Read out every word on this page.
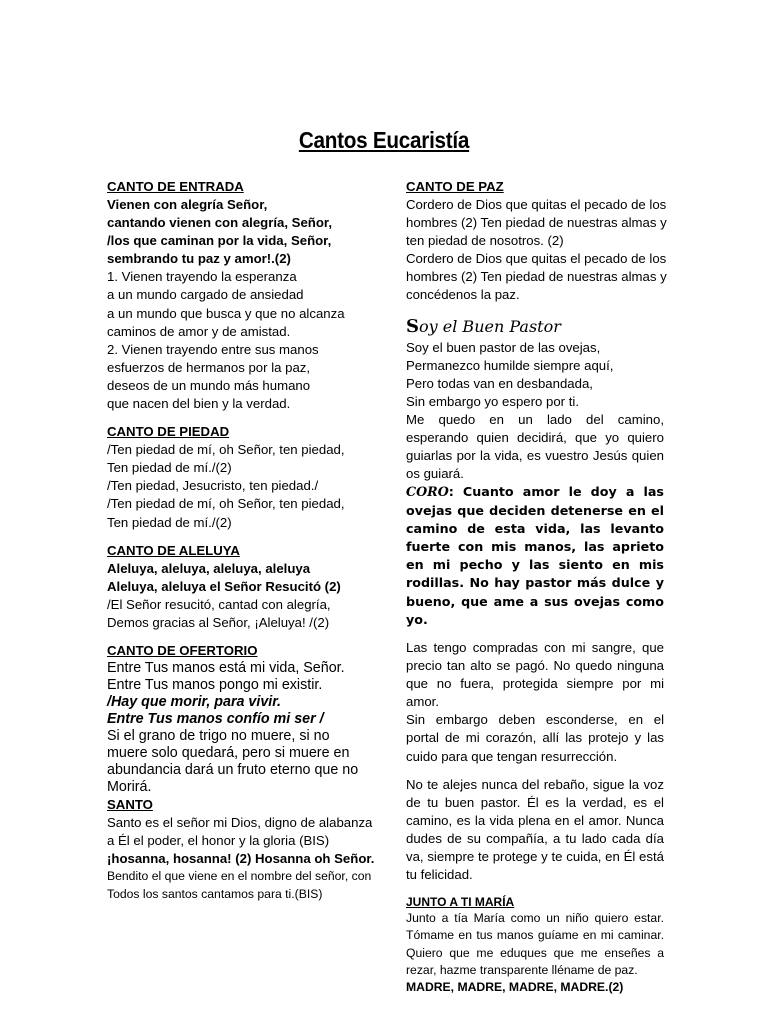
Cantos Eucaristía
CANTO DE ENTRADA
Vienen con alegría Señor,
cantando vienen con alegría, Señor,
/los que caminan por la vida, Señor,
sembrando tu paz y amor!.(2)
1. Vienen trayendo la esperanza
a un mundo cargado de ansiedad
a un mundo que busca y que no alcanza
caminos de amor y de amistad.
2. Vienen trayendo entre sus manos
esfuerzos de hermanos por la paz,
deseos de un mundo más humano
que nacen del bien y la verdad.
CANTO DE PIEDAD
/Ten piedad de mí, oh Señor, ten piedad,
Ten piedad de mí./(2)
/Ten piedad, Jesucristo, ten piedad./
/Ten piedad de mí, oh Señor, ten piedad,
Ten piedad de mí./(2)
CANTO DE ALELUYA
Aleluya, aleluya, aleluya, aleluya
Aleluya, aleluya el Señor Resucitó (2)
/El Señor resucitó, cantad con alegría,
Demos gracias al Señor, ¡Aleluya! /(2)
CANTO DE OFERTORIO
Entre Tus manos está mi vida, Señor.
Entre Tus manos pongo mi existir.
/Hay que morir, para vivir.
Entre Tus manos confío mi ser /
Si el grano de trigo no muere, si no
muere solo quedará, pero si muere en
abundancia dará un fruto eterno que no
Morirá.
SANTO
Santo es el señor mi Dios, digno de alabanza
a Él el poder, el honor y la gloria (BIS)
¡hosanna, hosanna! (2) Hosanna oh Señor.
Bendito el que viene en el nombre del señor, con
Todos los santos cantamos para ti.(BIS)
CANTO DE PAZ
Cordero de Dios que quitas el pecado de los
hombres (2) Ten piedad de nuestras almas y
ten piedad de nosotros. (2)
Cordero de Dios que quitas el pecado de los
hombres (2) Ten piedad de nuestras almas y
concédenos la paz.
Soy el Buen Pastor
Soy el buen pastor de las ovejas,
Permanezco humilde siempre aquí,
Pero todas van en desbandada,
Sin embargo yo espero por ti.
Me quedo en un lado del camino, esperando quien decidirá, que yo quiero guiarlas por la vida, es vuestro Jesús quien os guiará.
CORO: Cuanto amor le doy a las ovejas que deciden detenerse en el camino de esta vida, las levanto fuerte con mis manos, las aprieto en mi pecho y las siento en mis rodillas. No hay pastor más dulce y bueno, que ame a sus ovejas como yo.
Las tengo compradas con mi sangre, que precio tan alto se pagó. No quedo ninguna que no fuera, protegida siempre por mi amor.
Sin embargo deben esconderse, en el portal de mi corazón, allí las protejo y las cuido para que tengan resurrección.
No te alejes nunca del rebaño, sigue la voz de tu buen pastor. Él es la verdad, es el camino, es la vida plena en el amor. Nunca dudes de su compañía, a tu lado cada día va, siempre te protege y te cuida, en Él está tu felicidad.
JUNTO A TI MARÍA
Junto a tía María como un niño quiero estar. Tómame en tus manos guíame en mi caminar. Quiero que me eduques que me enseñes a rezar, hazme transparente lléname de paz.
MADRE, MADRE, MADRE, MADRE.(2)
